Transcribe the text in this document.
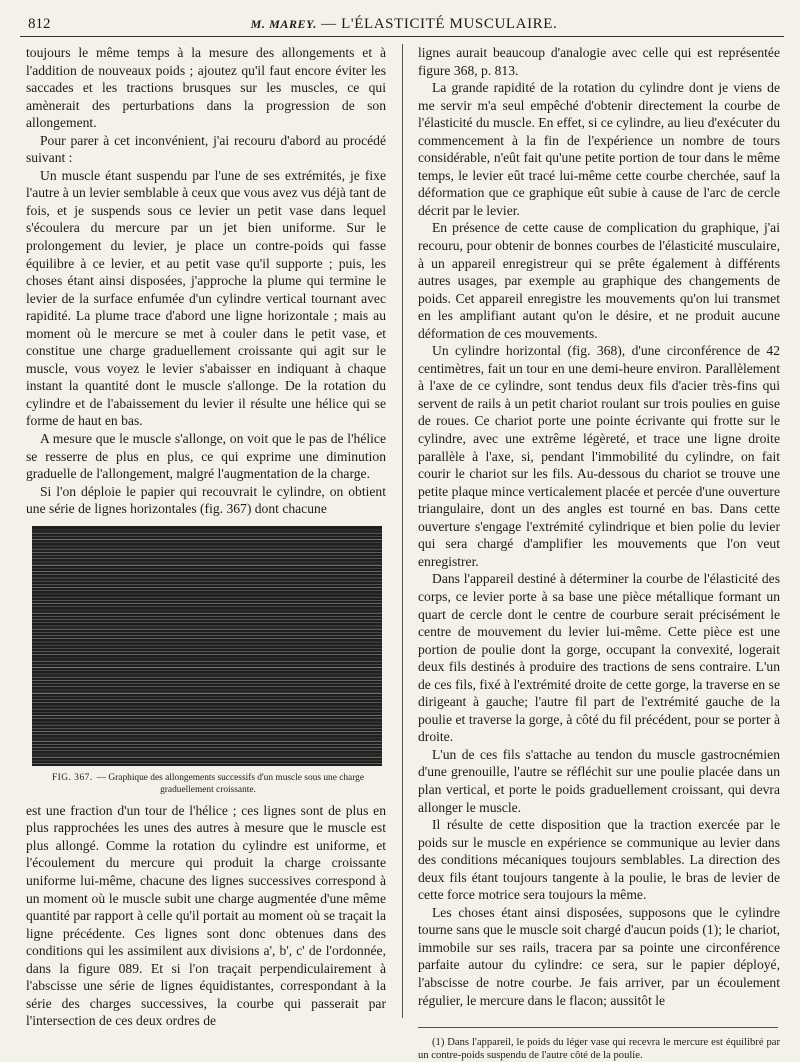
812	M. MAREY. — L'ÉLASTICITÉ MUSCULAIRE.

toujours le même temps à la mesure des allongements et à l'addition de nouveaux poids ; ajoutez qu'il faut encore éviter les saccades et les tractions brusques sur les muscles, ce qui amènerait des perturbations dans la progression de son allongement.

Pour parer à cet inconvénient, j'ai recouru d'abord au procédé suivant :

Un muscle étant suspendu par l'une de ses extrémités, je fixe l'autre à un levier semblable à ceux que vous avez vus déjà tant de fois, et je suspends sous ce levier un petit vase dans lequel s'écoulera du mercure par un jet bien uniforme. Sur le prolongement du levier, je place un contre-poids qui fasse équilibre à ce levier, et au petit vase qu'il supporte ; puis, les choses étant ainsi disposées, j'approche la plume qui termine le levier de la surface enfumée d'un cylindre vertical tournant avec rapidité. La plume trace d'abord une ligne horizontale ; mais au moment où le mercure se met à couler dans le petit vase, et constitue une charge graduellement croissante qui agit sur le muscle, vous voyez le levier s'abaisser en indiquant à chaque instant la quantité dont le muscle s'allonge. De la rotation du cylindre et de l'abaissement du levier il résulte une hélice qui se forme de haut en bas.

A mesure que le muscle s'allonge, on voit que le pas de l'hélice se resserre de plus en plus, ce qui exprime une diminution graduelle de l'allongement, malgré l'augmentation de la charge.

Si l'on déploie le papier qui recouvrait le cylindre, on obtient une série de lignes horizontales (fig. 367) dont chacune

FIG. 367. — Graphique des allongements successifs d'un muscle sous une charge graduellement croissante.

est une fraction d'un tour de l'hélice ; ces lignes sont de plus en plus rapprochées les unes des autres à mesure que le muscle est plus allongé. Comme la rotation du cylindre est uniforme, et l'écoulement du mercure qui produit la charge croissante uniforme lui-même, chacune des lignes successives correspond à un moment où le muscle subit une charge augmentée d'une même quantité par rapport à celle qu'il portait au moment où se traçait la ligne précédente. Ces lignes sont donc obtenues dans des conditions qui les assimilent aux divisions a', b', c' de l'ordonnée, dans la figure 089. Et si l'on traçait perpendiculairement à l'abscisse une série de lignes équidistantes, correspondant à la série des charges successives, la courbe qui passerait par l'intersection de ces deux ordres de

lignes aurait beaucoup d'analogie avec celle qui est représentée figure 368, p. 813.

La grande rapidité de la rotation du cylindre dont je viens de me servir m'a seul empêché d'obtenir directement la courbe de l'élasticité du muscle. En effet, si ce cylindre, au lieu d'exécuter du commencement à la fin de l'expérience un nombre de tours considérable, n'eût fait qu'une petite portion de tour dans le même temps, le levier eût tracé lui-même cette courbe cherchée, sauf la déformation que ce graphique eût subie à cause de l'arc de cercle décrit par le levier.

En présence de cette cause de complication du graphique, j'ai recouru, pour obtenir de bonnes courbes de l'élasticité musculaire, à un appareil enregistreur qui se prête également à différents autres usages, par exemple au graphique des changements de poids. Cet appareil enregistre les mouvements qu'on lui transmet en les amplifiant autant qu'on le désire, et ne produit aucune déformation de ces mouvements.

Un cylindre horizontal (fig. 368), d'une circonférence de 42 centimètres, fait un tour en une demi-heure environ. Parallèlement à l'axe de ce cylindre, sont tendus deux fils d'acier très-fins qui servent de rails à un petit chariot roulant sur trois poulies en guise de roues. Ce chariot porte une pointe écrivante qui frotte sur le cylindre, avec une extrême légèreté, et trace une ligne droite parallèle à l'axe, si, pendant l'immobilité du cylindre, on fait courir le chariot sur les fils. Au-dessous du chariot se trouve une petite plaque mince verticalement placée et percée d'une ouverture triangulaire, dont un des angles est tourné en bas. Dans cette ouverture s'engage l'extrémité cylindrique et bien polie du levier qui sera chargé d'amplifier les mouvements que l'on veut enregistrer.

Dans l'appareil destiné à déterminer la courbe de l'élasticité des corps, ce levier porte à sa base une pièce métallique formant un quart de cercle dont le centre de courbure serait précisément le centre de mouvement du levier lui-même. Cette pièce est une portion de poulie dont la gorge, occupant la convexité, logerait deux fils destinés à produire des tractions de sens contraire. L'un de ces fils, fixé à l'extrémité droite de cette gorge, la traverse en se dirigeant à gauche; l'autre fil part de l'extrémité gauche de la poulie et traverse la gorge, à côté du fil précédent, pour se porter à droite.

L'un de ces fils s'attache au tendon du muscle gastrocnémien d'une grenouille, l'autre se réfléchit sur une poulie placée dans un plan vertical, et porte le poids graduellement croissant, qui devra allonger le muscle.

Il résulte de cette disposition que la traction exercée par le poids sur le muscle en expérience se communique au levier dans des conditions mécaniques toujours semblables. La direction des deux fils étant toujours tangente à la poulie, le bras de levier de cette force motrice sera toujours la même.

Les choses étant ainsi disposées, supposons que le cylindre tourne sans que le muscle soit chargé d'aucun poids (1); le chariot, immobile sur ses rails, tracera par sa pointe une circonférence parfaite autour du cylindre: ce sera, sur le papier déployé, l'abscisse de notre courbe. Je fais arriver, par un écoulement régulier, le mercure dans le flacon; aussitôt le

(1) Dans l'appareil, le poids du léger vase qui recevra le mercure est équilibré par un contre-poids suspendu de l'autre côté de la poulie.
